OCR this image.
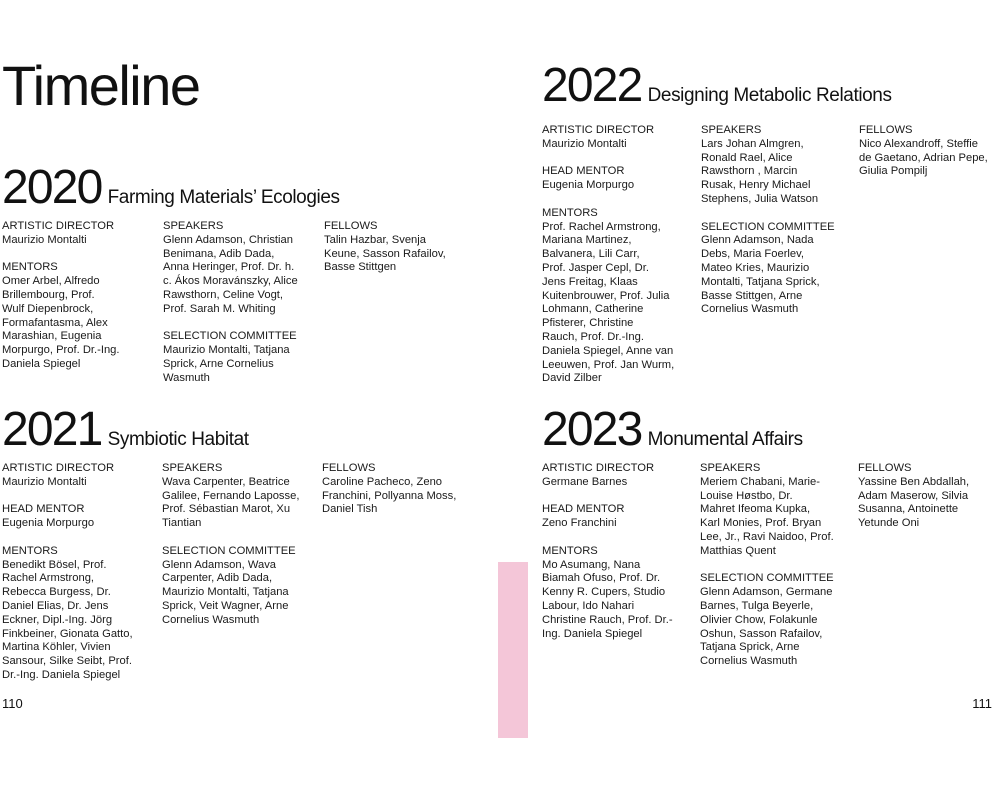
Timeline
2020 Farming Materials’ Ecologies
ARTISTIC DIRECTOR
Maurizio Montalti
MENTORS
Omer Arbel, Alfredo
Brillembourg, Prof.
Wulf Diepenbrock,
Formafantasma, Alex
Marashian, Eugenia
Morpurgo, Prof. Dr.-Ing.
Daniela Spiegel
SPEAKERS
Glenn Adamson, Christian
Benimana, Adib Dada,
Anna Heringer, Prof. Dr. h.
c. Ákos Moravánszky, Alice
Rawsthorn, Celine Vogt,
Prof. Sarah M. Whiting
SELECTION COMMITTEE
Maurizio Montalti, Tatjana
Sprick, Arne Cornelius
Wasmuth
FELLOWS
Talin Hazbar, Svenja
Keune, Sasson Rafailov,
Basse Stittgen
2021 Symbiotic Habitat
ARTISTIC DIRECTOR
Maurizio Montalti
HEAD MENTOR
Eugenia Morpurgo
MENTORS
Benedikt Bösel, Prof.
Rachel Armstrong,
Rebecca Burgess, Dr.
Daniel Elias, Dr. Jens
Eckner, Dipl.-Ing. Jörg
Finkbeiner, Gionata Gatto,
Martina Köhler, Vivien
Sansour, Silke Seibt, Prof.
Dr.-Ing. Daniela Spiegel
SPEAKERS
Wava Carpenter, Beatrice
Galilee, Fernando Laposse,
Prof. Sébastian Marot, Xu
Tiantian
SELECTION COMMITTEE
Glenn Adamson, Wava
Carpenter, Adib Dada,
Maurizio Montalti, Tatjana
Sprick, Veit Wagner, Arne
Cornelius Wasmuth
FELLOWS
Caroline Pacheco, Zeno
Franchini, Pollyanna Moss,
Daniel Tish
2022 Designing Metabolic Relations
ARTISTIC DIRECTOR
Maurizio Montalti
HEAD MENTOR
Eugenia Morpurgo
MENTORS
Prof. Rachel Armstrong,
Mariana Martinez,
Balvanera, Lili Carr,
Prof. Jasper Cepl, Dr.
Jens Freitag, Klaas
Kuitenbrouwer, Prof. Julia
Lohmann, Catherine
Pfisterer, Christine
Rauch, Prof. Dr.-Ing.
Daniela Spiegel, Anne van
Leeuwen, Prof. Jan Wurm,
David Zilber
SPEAKERS
Lars Johan Almgren,
Ronald Rael, Alice
Rawsthorn , Marcin
Rusak, Henry Michael
Stephens, Julia Watson
SELECTION COMMITTEE
Glenn Adamson, Nada
Debs, Maria Foerlev,
Mateo Kries, Maurizio
Montalti, Tatjana Sprick,
Basse Stittgen, Arne
Cornelius Wasmuth
FELLOWS
Nico Alexandroff, Steffie
de Gaetano, Adrian Pepe,
Giulia Pompilj
2023 Monumental Affairs
ARTISTIC DIRECTOR
Germane Barnes
HEAD MENTOR
Zeno Franchini
MENTORS
Mo Asumang, Nana
Biamah Ofuso, Prof. Dr.
Kenny R. Cupers, Studio
Labour, Ido Nahari
Christine Rauch, Prof. Dr.-
Ing. Daniela Spiegel
SPEAKERS
Meriem Chabani, Marie-
Louise Høstbo, Dr.
Mahret Ifeoma Kupka,
Karl Monies, Prof. Bryan
Lee, Jr., Ravi Naidoo, Prof.
Matthias Quent
SELECTION COMMITTEE
Glenn Adamson, Germane
Barnes, Tulga Beyerle,
Olivier Chow, Folakunle
Oshun, Sasson Rafailov,
Tatjana Sprick, Arne
Cornelius Wasmuth
FELLOWS
Yassine Ben Abdallah,
Adam Maserow, Silvia
Susanna, Antoinette
Yetunde Oni
110	111
